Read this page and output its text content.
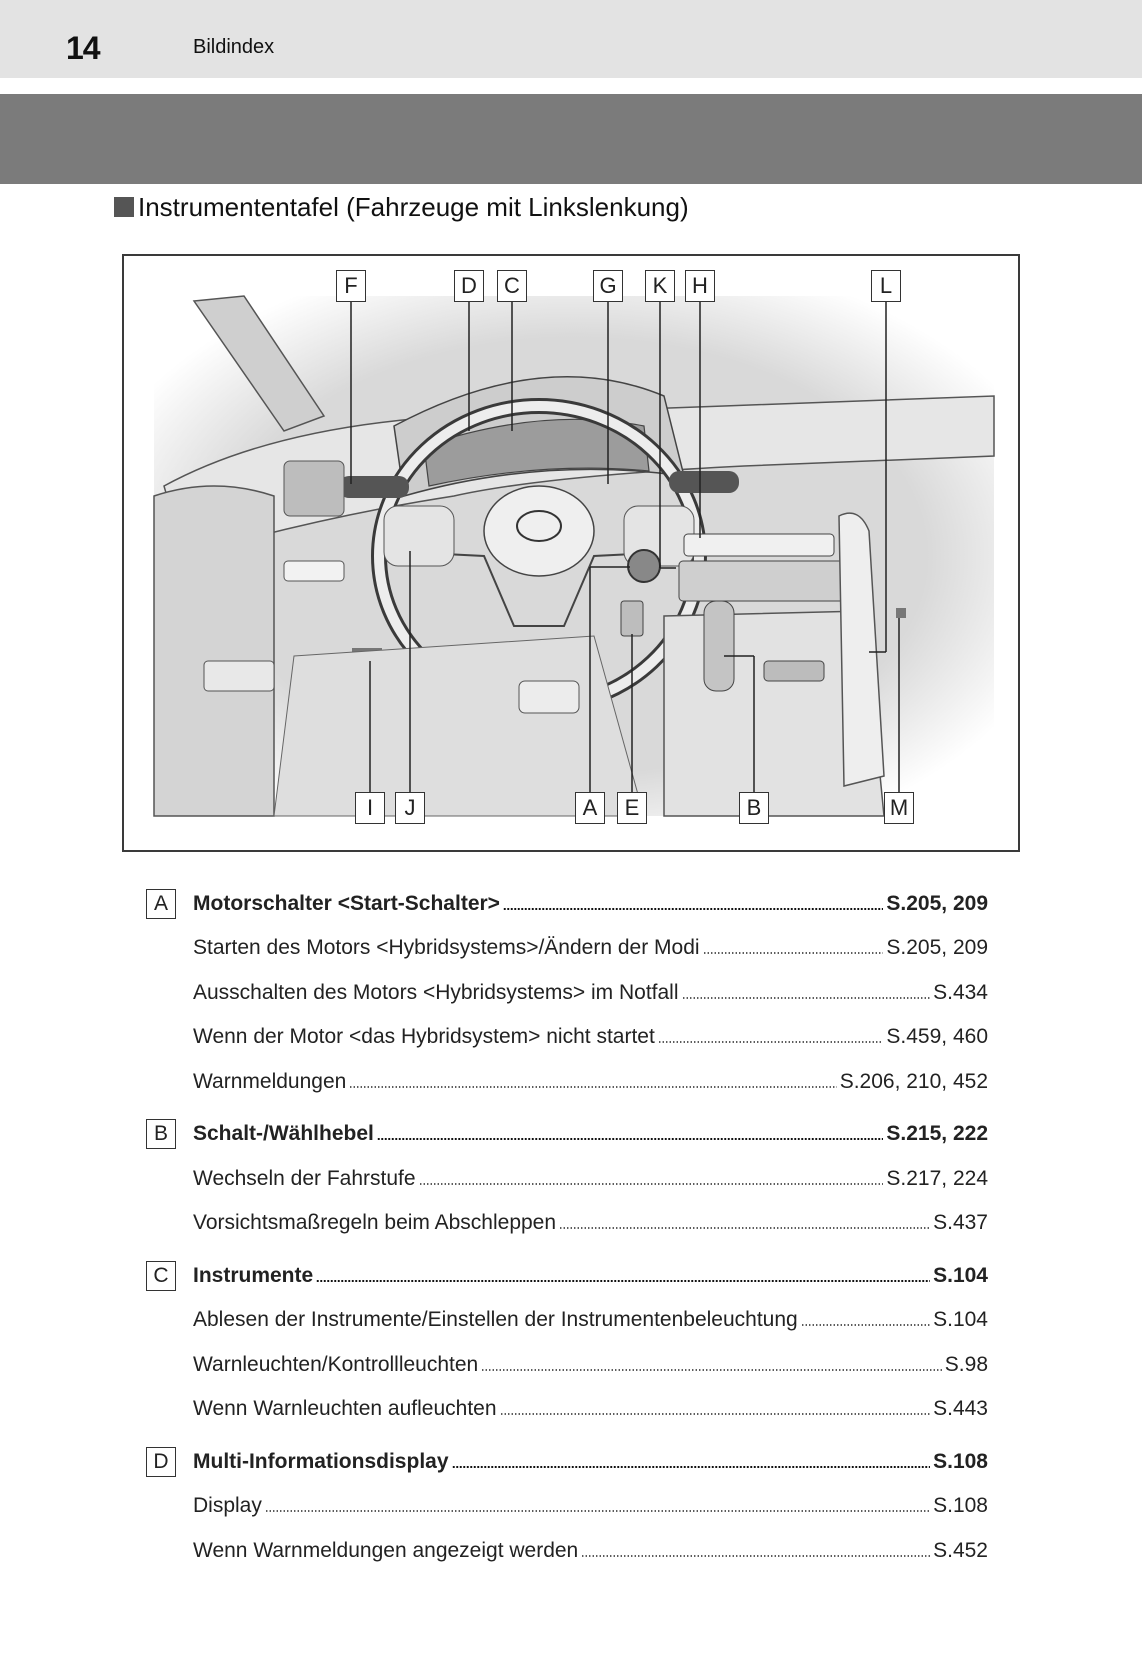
14	Bildindex
Instrumententafel (Fahrzeuge mit Linkslenkung)
F	D	C	G	K	H	L
I	J	A	E	B	M
A	Motorschalter <Start-Schalter>	S.205, 209
Starten des Motors <Hybridsystems>/Ändern der Modi	S.205, 209
Ausschalten des Motors <Hybridsystems> im Notfall	S.434
Wenn der Motor <das Hybridsystem> nicht startet	S.459, 460
Warnmeldungen	S.206, 210, 452
B	Schalt-/Wählhebel	S.215, 222
Wechseln der Fahrstufe	S.217, 224
Vorsichtsmaßregeln beim Abschleppen	S.437
C	Instrumente	S.104
Ablesen der Instrumente/Einstellen der Instrumentenbeleuchtung	S.104
Warnleuchten/Kontrollleuchten	S.98
Wenn Warnleuchten aufleuchten	S.443
D	Multi-Informationsdisplay	S.108
Display	S.108
Wenn Warnmeldungen angezeigt werden	S.452
